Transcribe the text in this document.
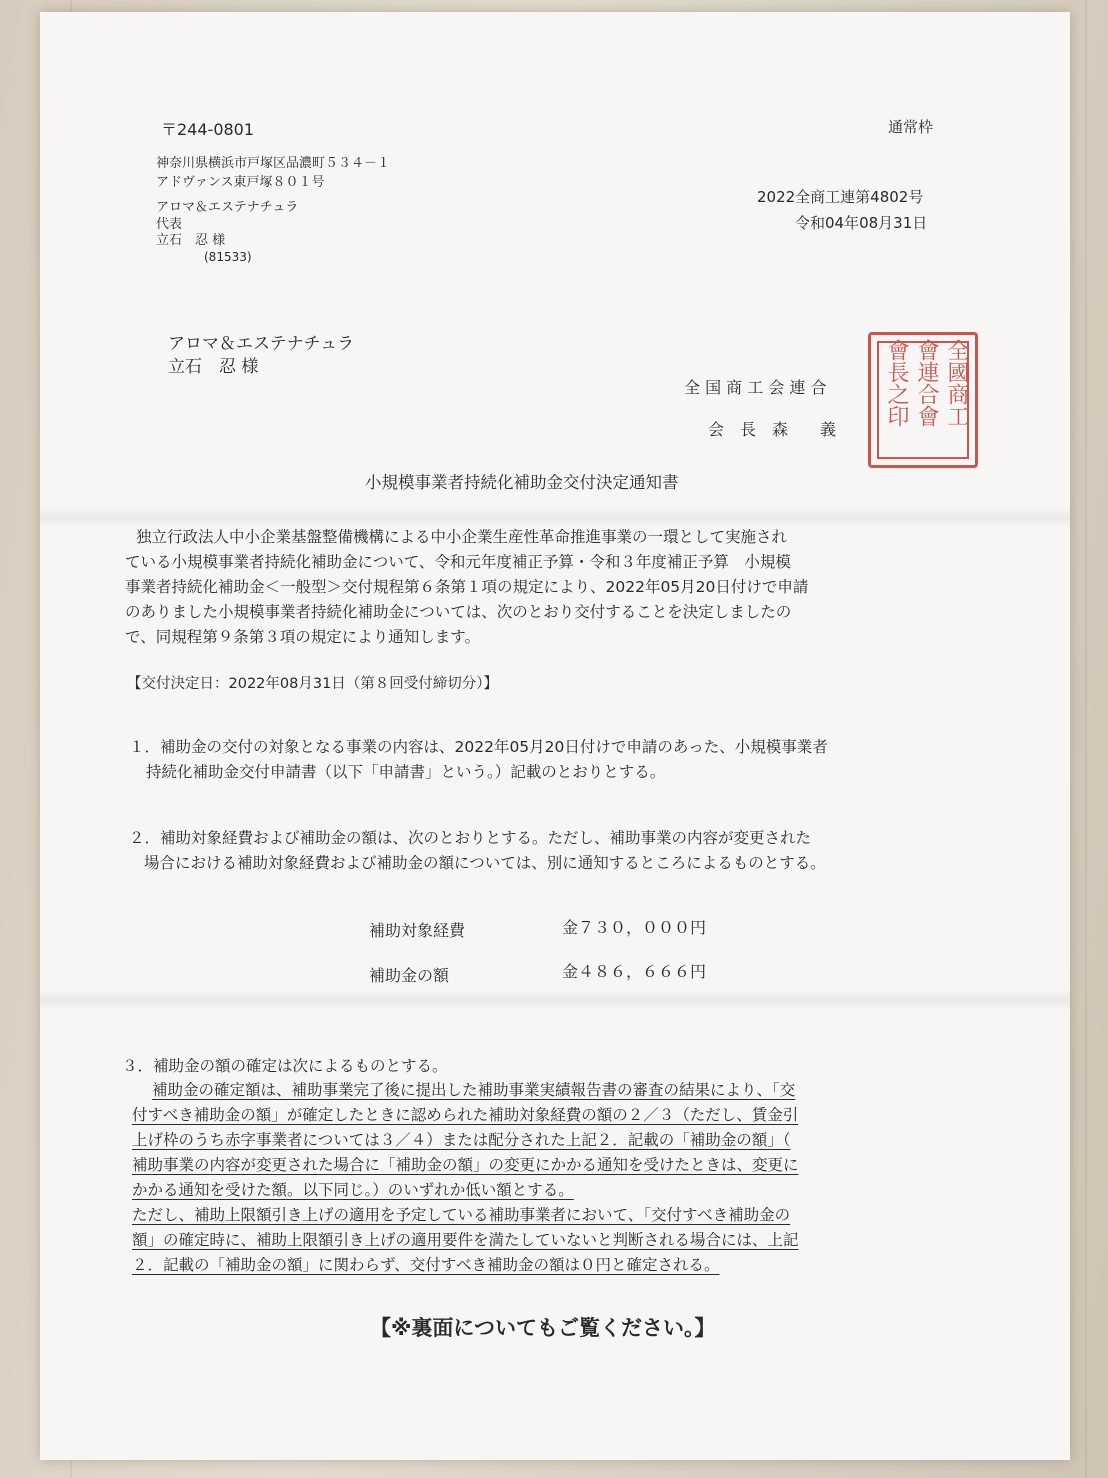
〒244-0801
神奈川県横浜市戸塚区品濃町５３４－１
アドヴァンス東戸塚８０１号
アロマ＆エステナチュラ
代表
立石　忍 様
(81533)
通常枠
2022全商工連第4802号
令和04年08月31日
アロマ＆エステナチュラ
立石　忍 様
全 国 商 工 会 連 合
会　長　森　　義
全國商工
會連合會
會長之印
小規模事業者持続化補助金交付決定通知書
独立行政法人中小企業基盤整備機構による中小企業生産性革命推進事業の一環として実施され
ている小規模事業者持続化補助金について、令和元年度補正予算・令和３年度補正予算　小規模
事業者持続化補助金＜一般型＞交付規程第６条第１項の規定により、2022年05月20日付けで申請
のありました小規模事業者持続化補助金については、次のとおり交付することを決定しましたの
で、同規程第９条第３項の規定により通知します。
【交付決定日：2022年08月31日（第８回受付締切分）】
１．補助金の交付の対象となる事業の内容は、2022年05月20日付けで申請のあった、小規模事業者
持続化補助金交付申請書（以下「申請書」という。）記載のとおりとする。
２．補助対象経費および補助金の額は、次のとおりとする。ただし、補助事業の内容が変更された
場合における補助対象経費および補助金の額については、別に通知するところによるものとする。
補助対象経費	金７３０，０００円
補助金の額	金４８６，６６６円
３．補助金の額の確定は次によるものとする。
補助金の確定額は、補助事業完了後に提出した補助事業実績報告書の審査の結果により、「交
付すべき補助金の額」が確定したときに認められた補助対象経費の額の２／３（ただし、賃金引
上げ枠のうち赤字事業者については３／４）または配分された上記２．記載の「補助金の額」（
補助事業の内容が変更された場合に「補助金の額」の変更にかかる通知を受けたときは、変更に
かかる通知を受けた額。以下同じ。）のいずれか低い額とする。
ただし、補助上限額引き上げの適用を予定している補助事業者において、「交付すべき補助金の
額」の確定時に、補助上限額引き上げの適用要件を満たしていないと判断される場合には、上記
２．記載の「補助金の額」に関わらず、交付すべき補助金の額は０円と確定される。
【※裏面についてもご覧ください。】
